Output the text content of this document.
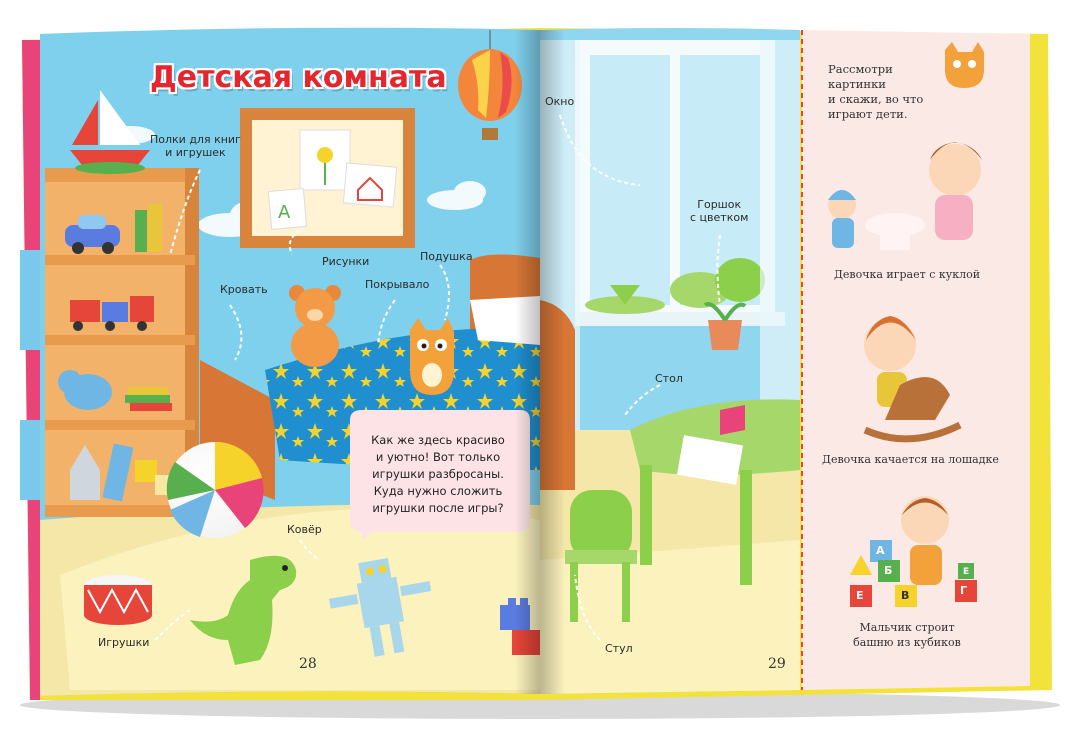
A
Детская комната
Полки для книг
и игрушек
Рисунки	Подушка
Кровать	Покрывало
Ковёр
Игрушки
Как же здесь красиво
и уютно! Вот только
игрушки разбросаны.
Куда нужно сложить
игрушки после игры?
28
Окно
Горшок
с цветком
Стол
Стул
29
Рассмотри
картинки
и скажи, во что
играют дети.
Девочка играет с куклой
Девочка качается на лошадке
Мальчик строит
башню из кубиков
А
Б
В	Г
Е
Е
